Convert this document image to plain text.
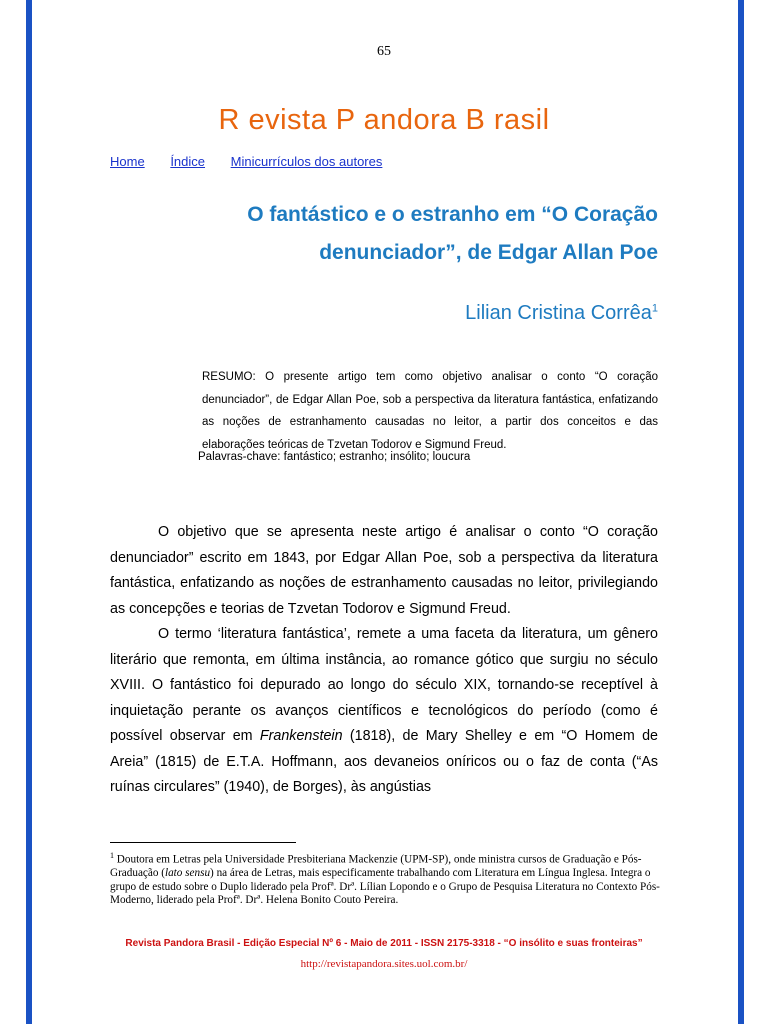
65
R evista P andora B rasil
Home Índice Minicurrículos dos autores
O fantástico e o estranho em “O Coração
denunciador”, de Edgar Allan Poe
Lilian Cristina Corrêa$^1$
RESUMO: O presente artigo tem como objetivo analisar o conto “O coração denunciador”, de Edgar Allan Poe, sob a perspectiva da literatura fantástica, enfatizando as noções de estranhamento causadas no leitor, a partir dos conceitos e das elaborações teóricas de Tzvetan Todorov e Sigmund Freud.
Palavras-chave: fantástico; estranho; insólito; loucura

O objetivo que se apresenta neste artigo é analisar o conto “O coração denunciador” escrito em 1843, por Edgar Allan Poe, sob a perspectiva da literatura fantástica, enfatizando as noções de estranhamento causadas no leitor, privilegiando as concepções e teorias de Tzvetan Todorov e Sigmund Freud.

O termo ‘literatura fantástica’, remete a uma faceta da literatura, um gênero literário que remonta, em última instância, ao romance gótico que surgiu no século XVIII. O fantástico foi depurado ao longo do século XIX, tornando-se receptível à inquietação perante os avanços científicos e tecnológicos do período (como é possível observar em Frankenstein (1818), de Mary Shelley e em “O Homem de Areia” (1815) de E.T.A. Hoffmann, aos devaneios oníricos ou o faz de conta (“As ruínas circulares” (1940), de Borges), às angústias

$^1$ Doutora em Letras pela Universidade Presbiteriana Mackenzie (UPM-SP), onde ministra cursos de Graduação e Pós-Graduação (lato sensu) na área de Letras, mais especificamente trabalhando com Literatura em Língua Inglesa. Integra o grupo de estudo sobre o Duplo liderado pela Profª. Drª. Lílian Lopondo e o Grupo de Pesquisa Literatura no Contexto Pós-Moderno, liderado pela Profª. Drª. Helena Bonito Couto Pereira.
Revista Pandora Brasil - Edição Especial Nº 6 - Maio de 2011 - ISSN 2175-3318 - “O insólito e suas fronteiras”
http://revistapandora.sites.uol.com.br/
